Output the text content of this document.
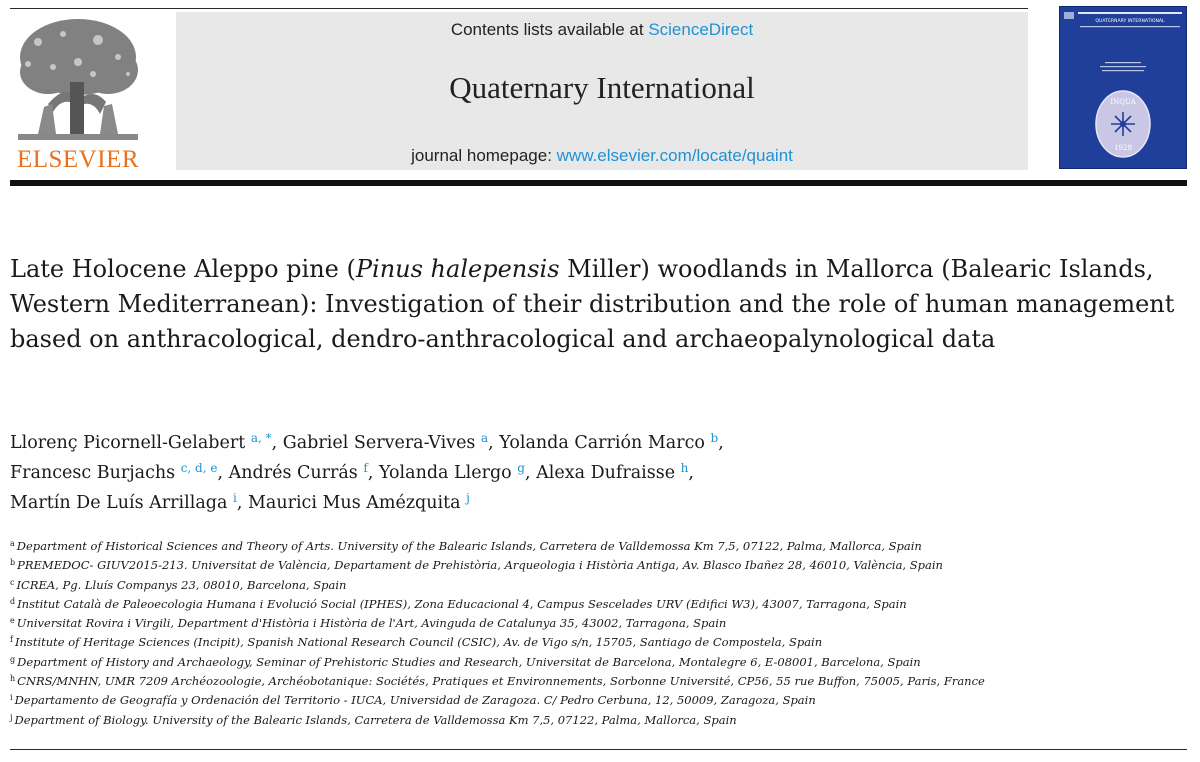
ELSEVIER
Contents lists available at ScienceDirect
Quaternary International
journal homepage: www.elsevier.com/locate/quaint
QUATERNARY INTERNATIONAL
INQUA
1928
Late Holocene Aleppo pine (Pinus halepensis Miller) woodlands in Mallorca (Balearic Islands, Western Mediterranean): Investigation of their distribution and the role of human management based on anthracological, dendro-anthracological and archaeopalynological data
Llorenç Picornell-Gelabert $^{a, *}$, Gabriel Servera-Vives $^a$, Yolanda Carrión Marco $^b$,
Francesc Burjachs $^{c, d, e}$, Andrés Currás $^f$, Yolanda Llergo $^g$, Alexa Dufraisse $^h$,
Martín De Luís Arrillaga $^i$, Maurici Mus Amézquita $^j$
$^a$ Department of Historical Sciences and Theory of Arts. University of the Balearic Islands, Carretera de Valldemossa Km 7,5, 07122, Palma, Mallorca, Spain
$^b$ PREMEDOC- GIUV2015-213. Universitat de València, Departament de Prehistòria, Arqueologia i Història Antiga, Av. Blasco Ibañez 28, 46010, València, Spain
$^c$ ICREA, Pg. Lluís Companys 23, 08010, Barcelona, Spain
$^d$ Institut Català de Paleoecologia Humana i Evolució Social (IPHES), Zona Educacional 4, Campus Sescelades URV (Edifici W3), 43007, Tarragona, Spain
$^e$ Universitat Rovira i Virgili, Department d'Història i Història de l'Art, Avinguda de Catalunya 35, 43002, Tarragona, Spain
$^f$ Institute of Heritage Sciences (Incipit), Spanish National Research Council (CSIC), Av. de Vigo s/n, 15705, Santiago de Compostela, Spain
$^g$ Department of History and Archaeology, Seminar of Prehistoric Studies and Research, Universitat de Barcelona, Montalegre 6, E-08001, Barcelona, Spain
$^h$ CNRS/MNHN, UMR 7209 Archéozoologie, Archéobotanique: Sociétés, Pratiques et Environnements, Sorbonne Université, CP56, 55 rue Buffon, 75005, Paris, France
$^i$ Departamento de Geografía y Ordenación del Territorio - IUCA, Universidad de Zaragoza. C/ Pedro Cerbuna, 12, 50009, Zaragoza, Spain
$^j$ Department of Biology. University of the Balearic Islands, Carretera de Valldemossa Km 7,5, 07122, Palma, Mallorca, Spain
